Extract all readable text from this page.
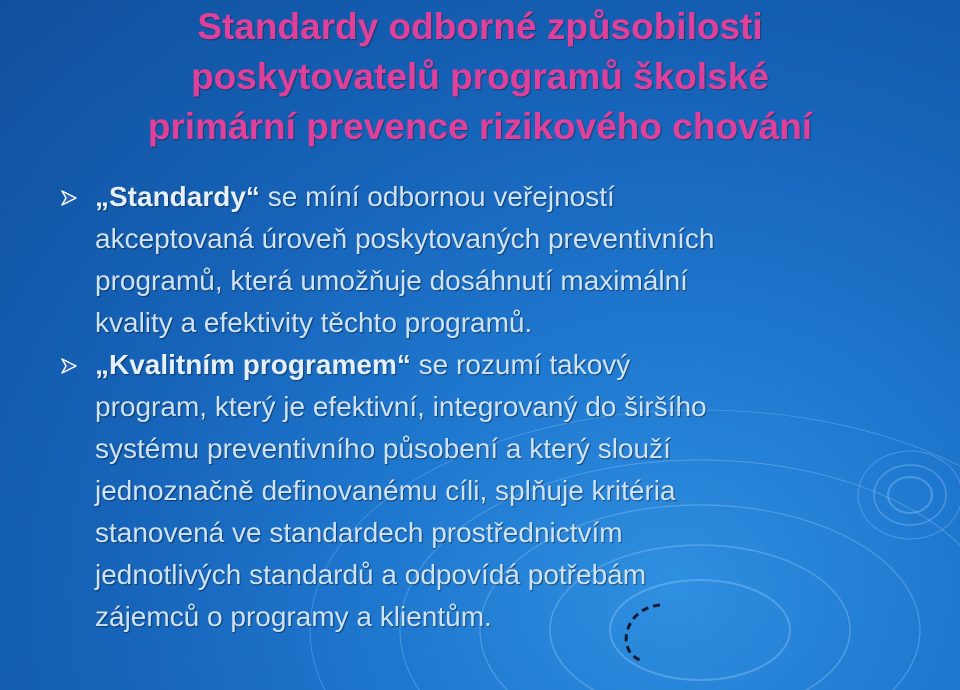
Standardy odborné způsobilosti
poskytovatelů programů školské
primární prevence rizikového chování
„Standardy“ se míní odbornou veřejností
akceptovaná úroveň poskytovaných preventivních
programů, která umožňuje dosáhnutí maximální
kvality a efektivity těchto programů.
„Kvalitním programem“ se rozumí takový
program, který je efektivní, integrovaný do širšího
systému preventivního působení a který slouží
jednoznačně definovanému cíli, splňuje kritéria
stanovená ve standardech prostřednictvím
jednotlivých standardů a odpovídá potřebám
zájemců o programy a klientům.
